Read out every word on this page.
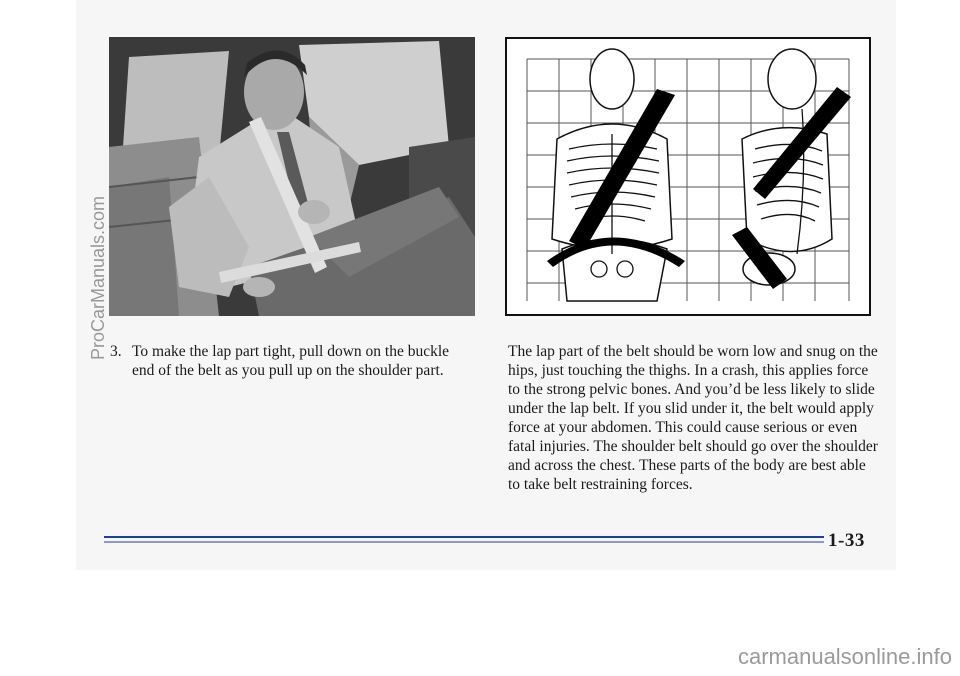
3. To make the lap part tight, pull down on the buckle end of the belt as you pull up on the shoulder part.
The lap part of the belt should be worn low and snug on the hips, just touching the thighs. In a crash, this applies force to the strong pelvic bones. And you’d be less likely to slide under the lap belt. If you slid under it, the belt would apply force at your abdomen. This could cause serious or even fatal injuries. The shoulder belt should go over the shoulder and across the chest. These parts of the body are best able to take belt restraining forces.
1-33
ProCarManuals.com
carmanualsonline.info
